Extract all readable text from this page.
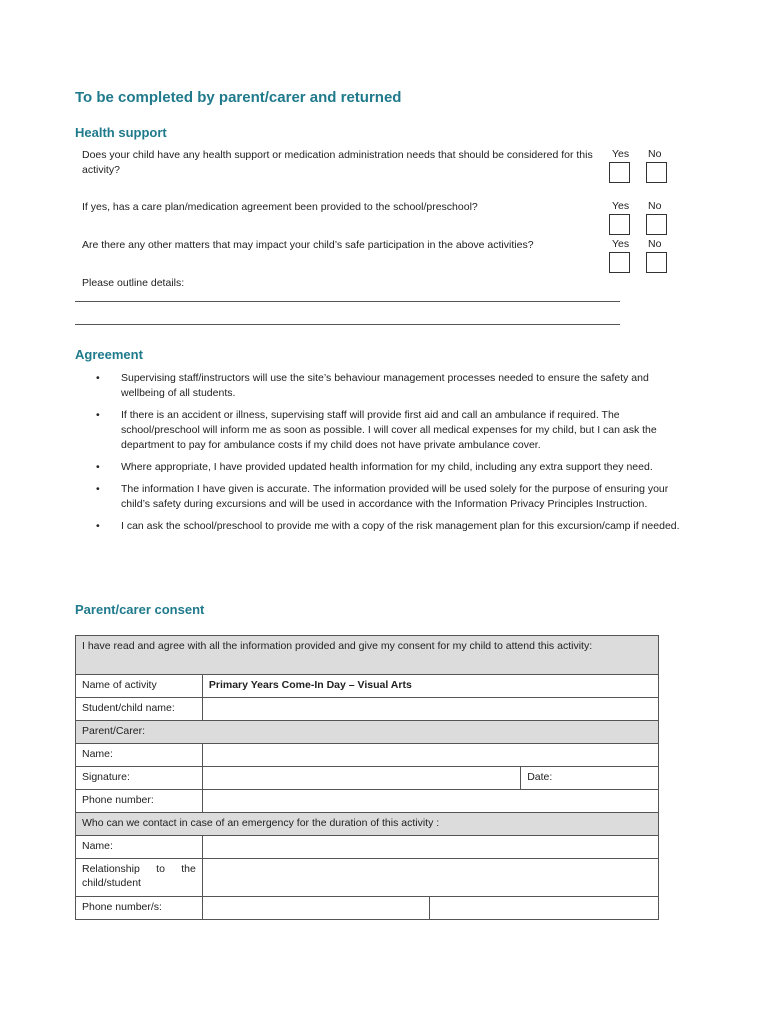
To be completed by parent/carer and returned
Health support
Does your child have any health support or medication administration needs that should be considered for this activity?
Yes No
If yes, has a care plan/medication agreement been provided to the school/preschool?	Yes No
Are there any other matters that may impact your child’s safe participation in the above activities?	Yes No
Please outline details:
Agreement
• Supervising staff/instructors will use the site’s behaviour management processes needed to ensure the safety and wellbeing of all students.
• If there is an accident or illness, supervising staff will provide first aid and call an ambulance if required. The school/preschool will inform me as soon as possible. I will cover all medical expenses for my child, but I can ask the department to pay for ambulance costs if my child does not have private ambulance cover.
• Where appropriate, I have provided updated health information for my child, including any extra support they need.
• The information I have given is accurate. The information provided will be used solely for the purpose of ensuring your child’s safety during excursions and will be used in accordance with the Information Privacy Principles Instruction.
• I can ask the school/preschool to provide me with a copy of the risk management plan for this excursion/camp if needed.
Parent/carer consent
I have read and agree with all the information provided and give my consent for my child to attend this activity:			
Name of activity	Primary Years Come-In Day – Visual Arts		
Student/child name:			
Parent/Carer:			
Name:			
Signature:			Date:
Phone number:			
Who can we contact in case of an emergency for the duration of this activity :			
Name:			
Relationship to the child/student			
Phone number/s:			
